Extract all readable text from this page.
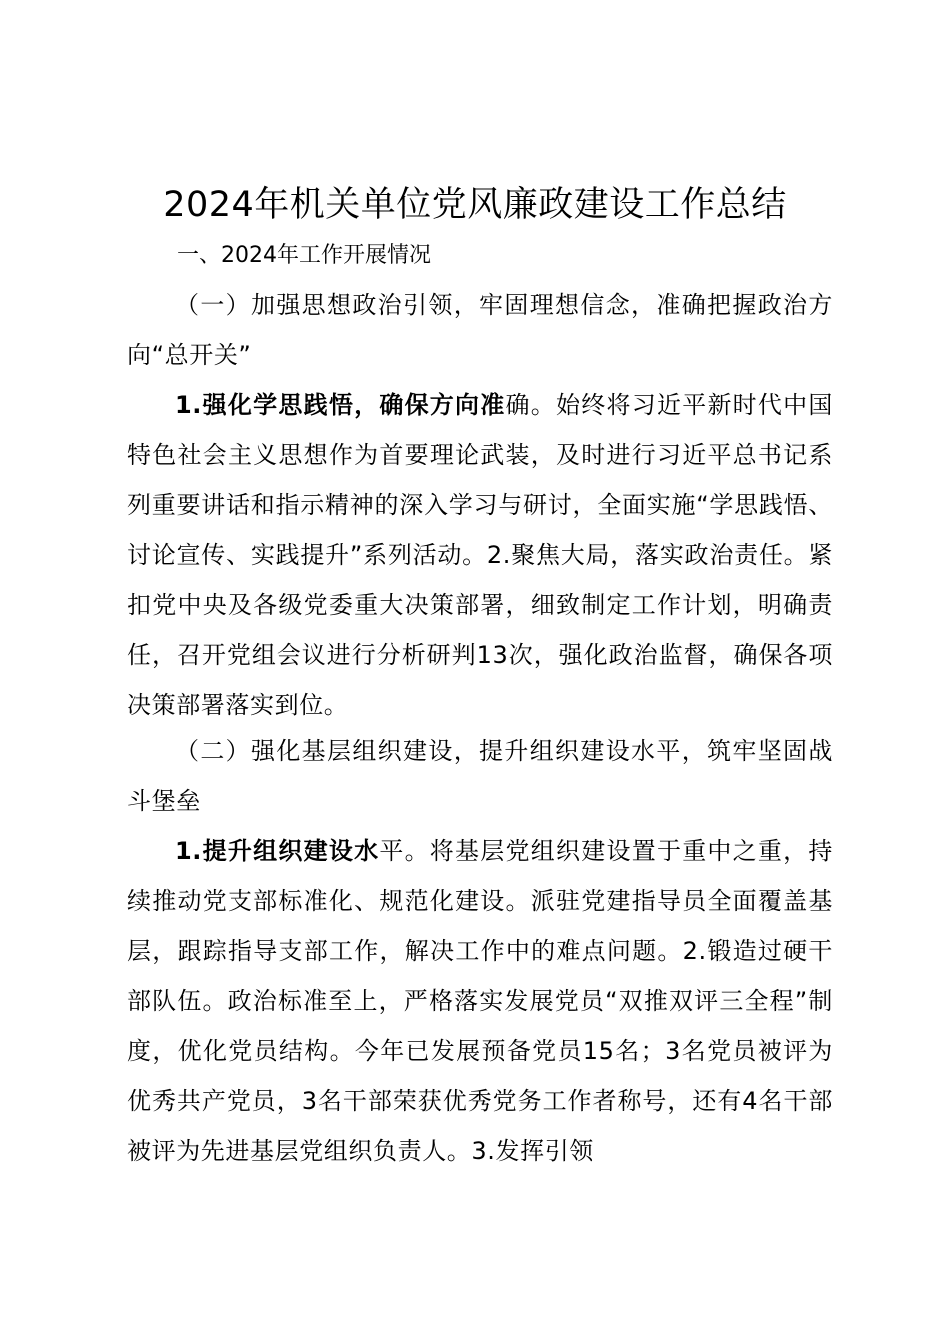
2024年机关单位党风廉政建设工作总结

一、2024年工作开展情况

（一）加强思想政治引领，牢固理想信念，准确把握政治方向“总开关”

1.强化学思践悟，确保方向准确。始终将习近平新时代中国特色社会主义思想作为首要理论武装，及时进行习近平总书记系列重要讲话和指示精神的深入学习与研讨，全面实施“学思践悟、讨论宣传、实践提升”系列活动。2.聚焦大局，落实政治责任。紧扣党中央及各级党委重大决策部署，细致制定工作计划，明确责任，召开党组会议进行分析研判13次，强化政治监督，确保各项决策部署落实到位。

（二）强化基层组织建设，提升组织建设水平，筑牢坚固战斗堡垒

1.提升组织建设水平。将基层党组织建设置于重中之重，持续推动党支部标准化、规范化建设。派驻党建指导员全面覆盖基层，跟踪指导支部工作，解决工作中的难点问题。2.锻造过硬干部队伍。政治标准至上，严格落实发展党员“双推双评三全程”制度，优化党员结构。今年已发展预备党员15名；3名党员被评为优秀共产党员，3名干部荣获优秀党务工作者称号，还有4名干部被评为先进基层党组织负责人。3.发挥引领
